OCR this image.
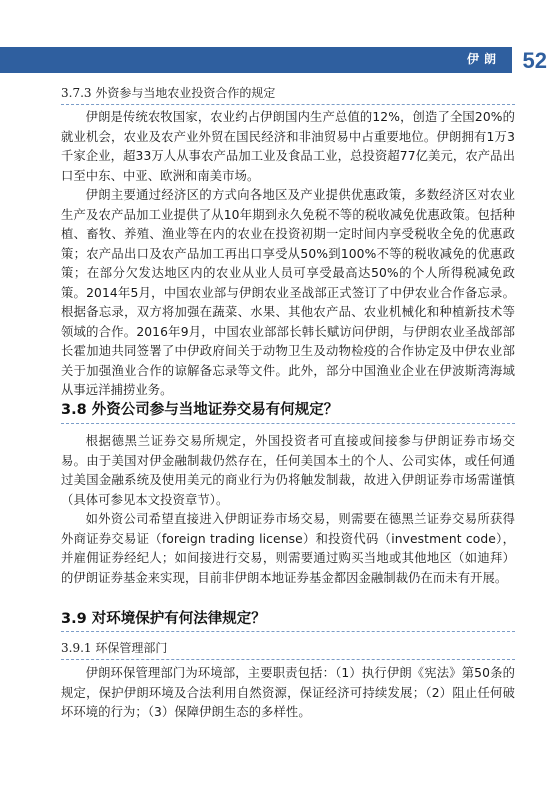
伊朗 52
3.7.3 外资参与当地农业投资合作的规定

伊朗是传统农牧国家，农业约占伊朗国内生产总值的12%，创造了全国20%的就业机会，农业及农产业外贸在国民经济和非油贸易中占重要地位。伊朗拥有1万3千家企业，超33万人从事农产品加工业及食品工业，总投资超77亿美元，农产品出口至中东、中亚、欧洲和南美市场。

伊朗主要通过经济区的方式向各地区及产业提供优惠政策，多数经济区对农业生产及农产品加工业提供了从10年期到永久免税不等的税收减免优惠政策。包括种植、畜牧、养殖、渔业等在内的农业在投资初期一定时间内享受税收全免的优惠政策；农产品出口及农产品加工再出口享受从50%到100%不等的税收减免的优惠政策；在部分欠发达地区内的农业从业人员可享受最高达50%的个人所得税减免政策。2014年5月，中国农业部与伊朗农业圣战部正式签订了中伊农业合作备忘录。根据备忘录，双方将加强在蔬菜、水果、其他农产品、农业机械化和种植新技术等领域的合作。2016年9月，中国农业部部长韩长赋访问伊朗，与伊朗农业圣战部部长霍加迪共同签署了中伊政府间关于动物卫生及动物检疫的合作协定及中伊农业部关于加强渔业合作的谅解备忘录等文件。此外，部分中国渔业企业在伊波斯湾海域从事远洋捕捞业务。

3.8 外资公司参与当地证券交易有何规定？

根据德黑兰证券交易所规定，外国投资者可直接或间接参与伊朗证券市场交易。由于美国对伊金融制裁仍然存在，任何美国本土的个人、公司实体，或任何通过美国金融系统及使用美元的商业行为仍将触发制裁，故进入伊朗证券市场需谨慎（具体可参见本文投资章节）。

如外资公司希望直接进入伊朗证券市场交易，则需要在德黑兰证券交易所获得外商证券交易证（foreign trading license）和投资代码（investment code），并雇佣证券经纪人；如间接进行交易，则需要通过购买当地或其他地区（如迪拜）的伊朗证券基金来实现，目前非伊朗本地证券基金都因金融制裁仍在而未有开展。

3.9 对环境保护有何法律规定？
3.9.1 环保管理部门

伊朗环保管理部门为环境部，主要职责包括：（1）执行伊朗《宪法》第50条的规定，保护伊朗环境及合法利用自然资源，保证经济可持续发展；（2）阻止任何破坏环境的行为；（3）保障伊朗生态的多样性。
